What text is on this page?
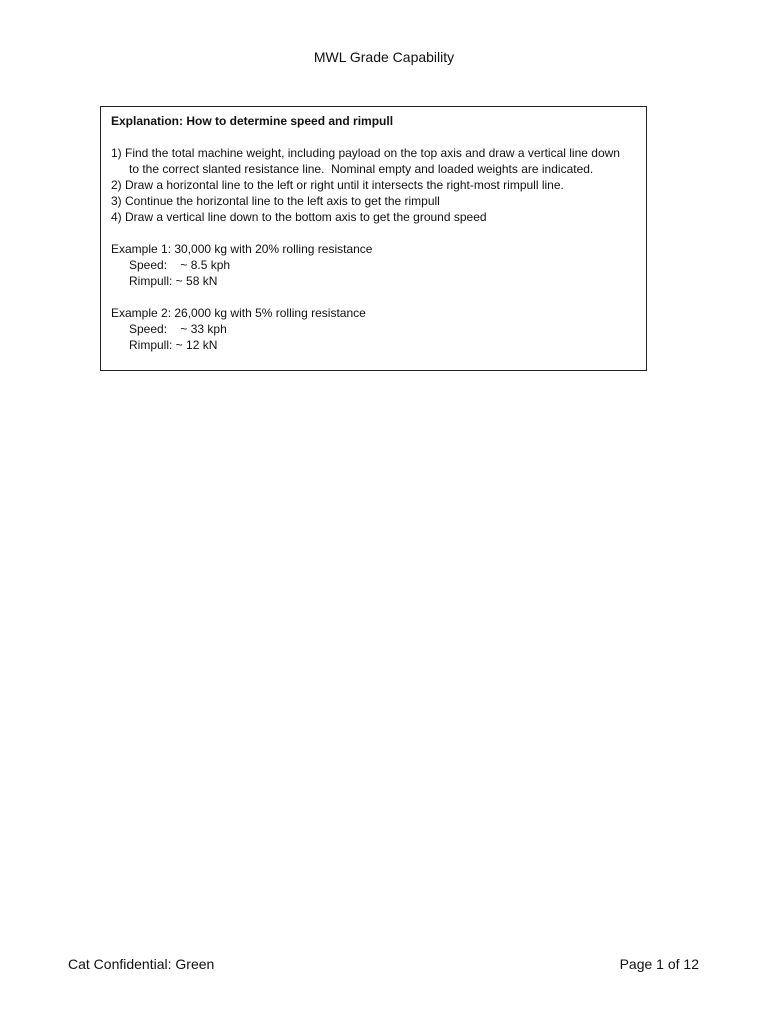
MWL Grade Capability
Explanation: How to determine speed and rimpull
1) Find the total machine weight, including payload on the top axis and draw a vertical line down
to the correct slanted resistance line.  Nominal empty and loaded weights are indicated.
2) Draw a horizontal line to the left or right until it intersects the right-most rimpull line.
3) Continue the horizontal line to the left axis to get the rimpull
4) Draw a vertical line down to the bottom axis to get the ground speed
Example 1: 30,000 kg with 20% rolling resistance
Speed:    ~ 8.5 kph
Rimpull: ~ 58 kN
Example 2: 26,000 kg with 5% rolling resistance
Speed:    ~ 33 kph
Rimpull: ~ 12 kN
Cat Confidential: Green	Page 1 of 12
